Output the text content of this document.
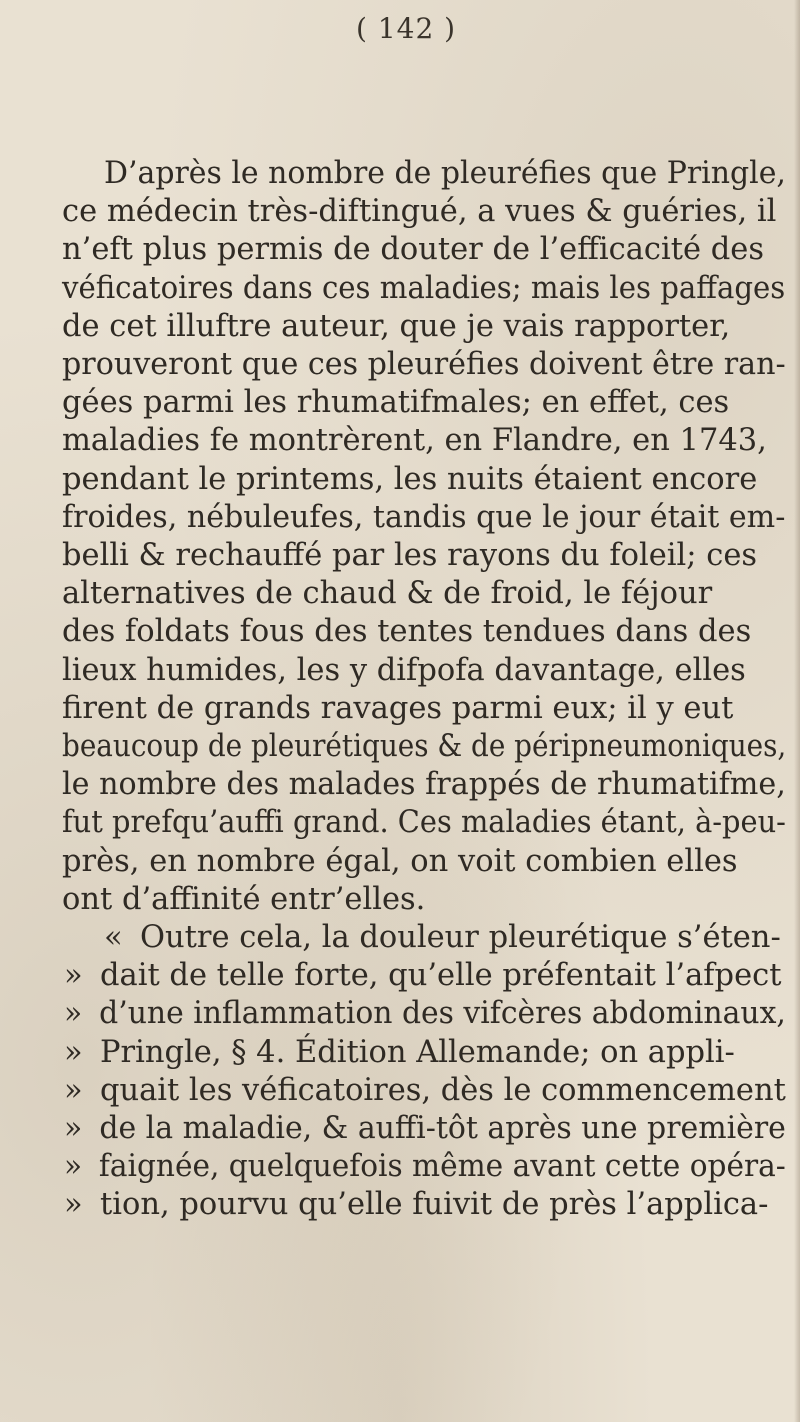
( 142 )
D’après le nombre de pleuréfies que Pringle,
ce médecin très-diftingué, a vues & guéries, il
n’eft plus permis de douter de l’efficacité des
véficatoires dans ces maladies; mais les paffages
de cet illuftre auteur, que je vais rapporter,
prouveront que ces pleuréfies doivent être ran-
gées parmi les rhumatifmales; en effet, ces
maladies fe montrèrent, en Flandre, en 1743,
pendant le printems, les nuits étaient encore
froides, nébuleufes, tandis que le jour était em-
belli & rechauffé par les rayons du foleil; ces
alternatives de chaud & de froid, le féjour
des foldats fous des tentes tendues dans des
lieux humides, les y difpofa davantage, elles
firent de grands ravages parmi eux; il y eut
beaucoup de pleurétiques & de péripneumoniques,
le nombre des malades frappés de rhumatifme,
fut prefqu’auffi grand. Ces maladies étant, à-peu-
près, en nombre égal, on voit combien elles
ont d’affinité entr’elles.
« Outre cela, la douleur pleurétique s’éten-
» dait de telle forte, qu’elle préfentait l’afpect
» d’une inflammation des vifcères abdominaux,
» Pringle, § 4. Édition Allemande; on appli-
» quait les véficatoires, dès le commencement
» de la maladie, & auffi-tôt après une première
» faignée, quelquefois même avant cette opéra-
» tion, pourvu qu’elle fuivit de près l’applica-
